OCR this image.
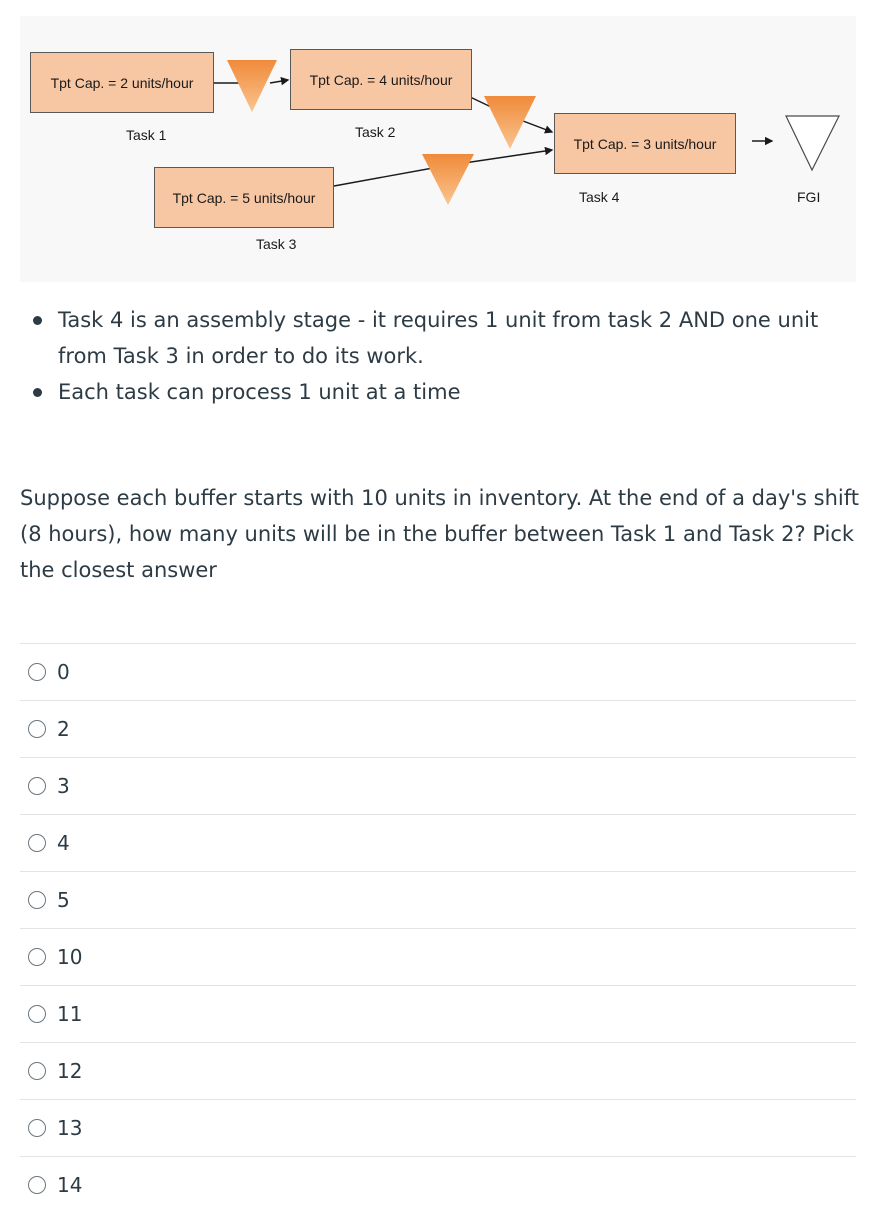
Tpt Cap. = 2 units/hour
Task 1
Tpt Cap. = 4 units/hour
Task 2
Tpt Cap. = 5 units/hour
Task 3
Tpt Cap. = 3 units/hour
Task 4	FGI
Task 4 is an assembly stage - it requires 1 unit from task 2 AND one unit from Task 3 in order to do its work.
Each task can process 1 unit at a time

Suppose each buffer starts with 10 units in inventory. At the end of a day's shift (8 hours), how many units will be in the buffer between Task 1 and Task 2? Pick the closest answer

0
2
3
4
5
10
11
12
13
14
